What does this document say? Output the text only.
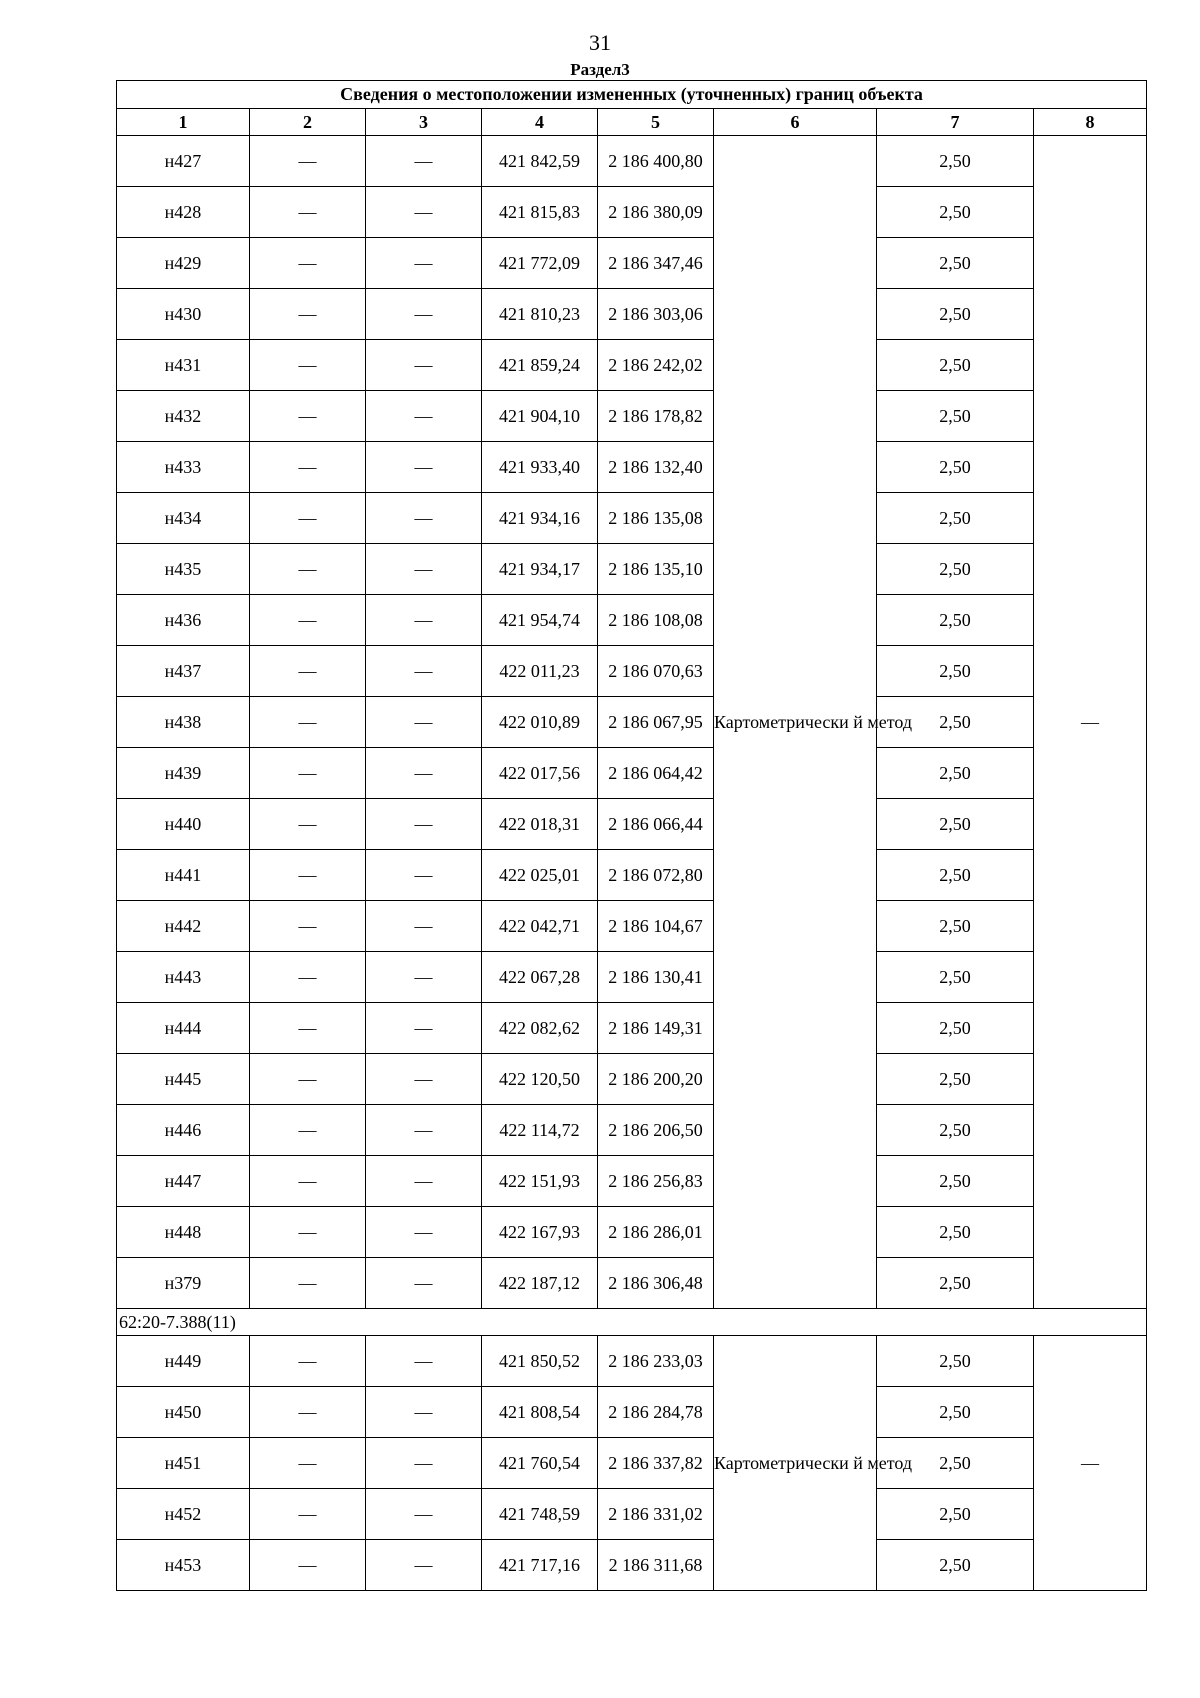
31
Раздел3
Сведения о местоположении измененных (уточненных) границ объекта							
1	2	3	4	5	6	7	8
н427	—	—	421 842,59	2 186 400,80	Картометрически й метод	2,50	—
н428	—	—	421 815,83	2 186 380,09		2,50	
н429	—	—	421 772,09	2 186 347,46		2,50	
н430	—	—	421 810,23	2 186 303,06		2,50	
н431	—	—	421 859,24	2 186 242,02		2,50	
н432	—	—	421 904,10	2 186 178,82		2,50	
н433	—	—	421 933,40	2 186 132,40		2,50	
н434	—	—	421 934,16	2 186 135,08		2,50	
н435	—	—	421 934,17	2 186 135,10		2,50	
н436	—	—	421 954,74	2 186 108,08		2,50	
н437	—	—	422 011,23	2 186 070,63		2,50	
н438	—	—	422 010,89	2 186 067,95		2,50	
н439	—	—	422 017,56	2 186 064,42		2,50	
н440	—	—	422 018,31	2 186 066,44		2,50	
н441	—	—	422 025,01	2 186 072,80		2,50	
н442	—	—	422 042,71	2 186 104,67		2,50	
н443	—	—	422 067,28	2 186 130,41		2,50	
н444	—	—	422 082,62	2 186 149,31		2,50	
н445	—	—	422 120,50	2 186 200,20		2,50	
н446	—	—	422 114,72	2 186 206,50		2,50	
н447	—	—	422 151,93	2 186 256,83		2,50	
н448	—	—	422 167,93	2 186 286,01		2,50	
н379	—	—	422 187,12	2 186 306,48		2,50	
62:20-7.388(11)							
н449	—	—	421 850,52	2 186 233,03	Картометрически й метод	2,50	—
н450	—	—	421 808,54	2 186 284,78		2,50	
н451	—	—	421 760,54	2 186 337,82		2,50	
н452	—	—	421 748,59	2 186 331,02		2,50	
н453	—	—	421 717,16	2 186 311,68		2,50	
